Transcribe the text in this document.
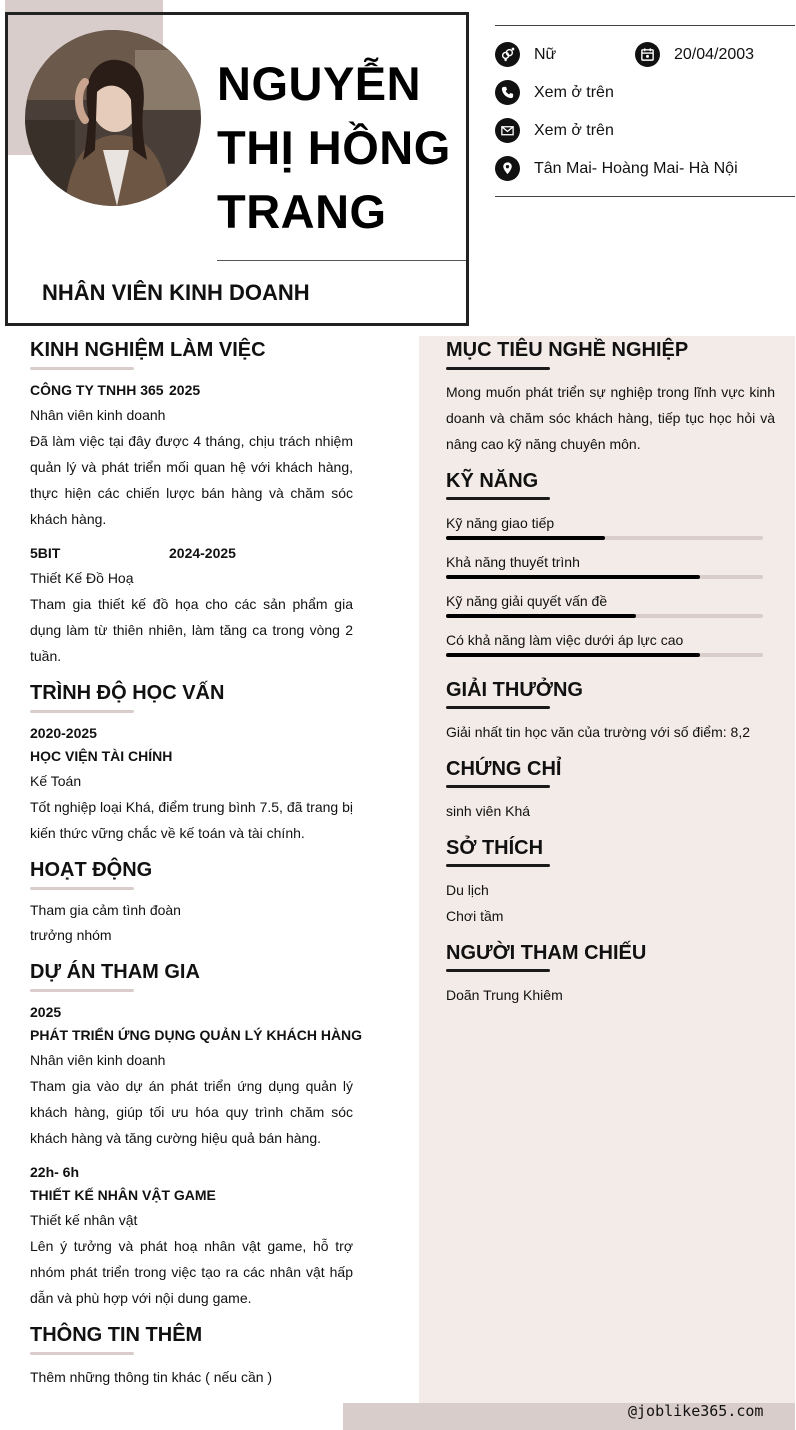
NGUYỄN THỊ HỒNG TRANG
NHÂN VIÊN KINH DOANH
Nữ	20/04/2003
Xem ở trên
Xem ở trên
Tân Mai- Hoàng Mai- Hà Nội
KINH NGHIỆM LÀM VIỆC
CÔNG TY TNHH 365 2025
Nhân viên kinh doanh
Đã làm việc tại đây được 4 tháng, chịu trách nhiệm quản lý và phát triển mối quan hệ với khách hàng, thực hiện các chiến lược bán hàng và chăm sóc khách hàng.
5BIT	2024-2025
Thiết Kế Đồ Hoạ
Tham gia thiết kế đồ họa cho các sản phẩm gia dụng làm từ thiên nhiên, làm tăng ca trong vòng 2 tuần.
TRÌNH ĐỘ HỌC VẤN
2020-2025
HỌC VIỆN TÀI CHÍNH
Kế Toán
Tốt nghiệp loại Khá, điểm trung bình 7.5, đã trang bị kiến thức vững chắc về kế toán và tài chính.
HOẠT ĐỘNG
Tham gia cảm tình đoàn
trưởng nhóm
DỰ ÁN THAM GIA
2025
PHÁT TRIỂN ỨNG DỤNG QUẢN LÝ KHÁCH HÀNG
Nhân viên kinh doanh
Tham gia vào dự án phát triển ứng dụng quản lý khách hàng, giúp tối ưu hóa quy trình chăm sóc khách hàng và tăng cường hiệu quả bán hàng.
22h- 6h
THIẾT KẾ NHÂN VẬT GAME
Thiết kế nhân vật
Lên ý tưởng và phát hoạ nhân vật game, hỗ trợ nhóm phát triển trong việc tạo ra các nhân vật hấp dẫn và phù hợp với nội dung game.
THÔNG TIN THÊM
Thêm những thông tin khác ( nếu cần )
MỤC TIÊU NGHỀ NGHIỆP
Mong muốn phát triển sự nghiệp trong lĩnh vực kinh doanh và chăm sóc khách hàng, tiếp tục học hỏi và nâng cao kỹ năng chuyên môn.
KỸ NĂNG
Kỹ năng giao tiếp
Khả năng thuyết trình
Kỹ năng giải quyết vấn đề
Có khả năng làm việc dưới áp lực cao
GIẢI THƯỞNG
Giải nhất tin học văn của trường với số điểm: 8,2
CHỨNG CHỈ
sinh viên Khá
SỞ THÍCH
Du lịch
Chơi tầm
NGƯỜI THAM CHIẾU
Doãn Trung Khiêm
@joblike365.com
